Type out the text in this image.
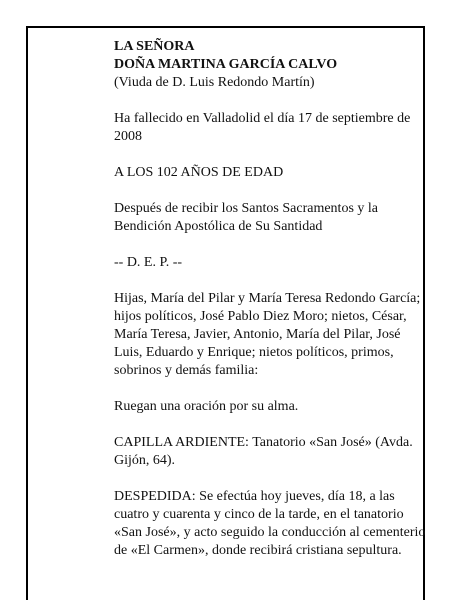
LA SEÑORA
DOÑA MARTINA GARCÍA CALVO
(Viuda de D. Luis Redondo Martín)

Ha fallecido en Valladolid el día 17 de septiembre de 2008

A LOS 102 AÑOS DE EDAD

Después de recibir los Santos Sacramentos y la Bendición Apostólica de Su Santidad

-- D. E. P. --

Hijas, María del Pilar y María Teresa Redondo García; hijos políticos, José Pablo Diez Moro; nietos, César, María Teresa, Javier, Antonio, María del Pilar, José Luis, Eduardo y Enrique; nietos políticos, primos, sobrinos y demás familia:

Ruegan una oración por su alma.

CAPILLA ARDIENTE: Tanatorio «San José» (Avda. Gijón, 64).

DESPEDIDA: Se efectúa hoy jueves, día 18, a las cuatro y cuarenta y cinco de la tarde, en el tanatorio «San José», y acto seguido la conducción al cementerio de «El Carmen», donde recibirá cristiana sepultura.
